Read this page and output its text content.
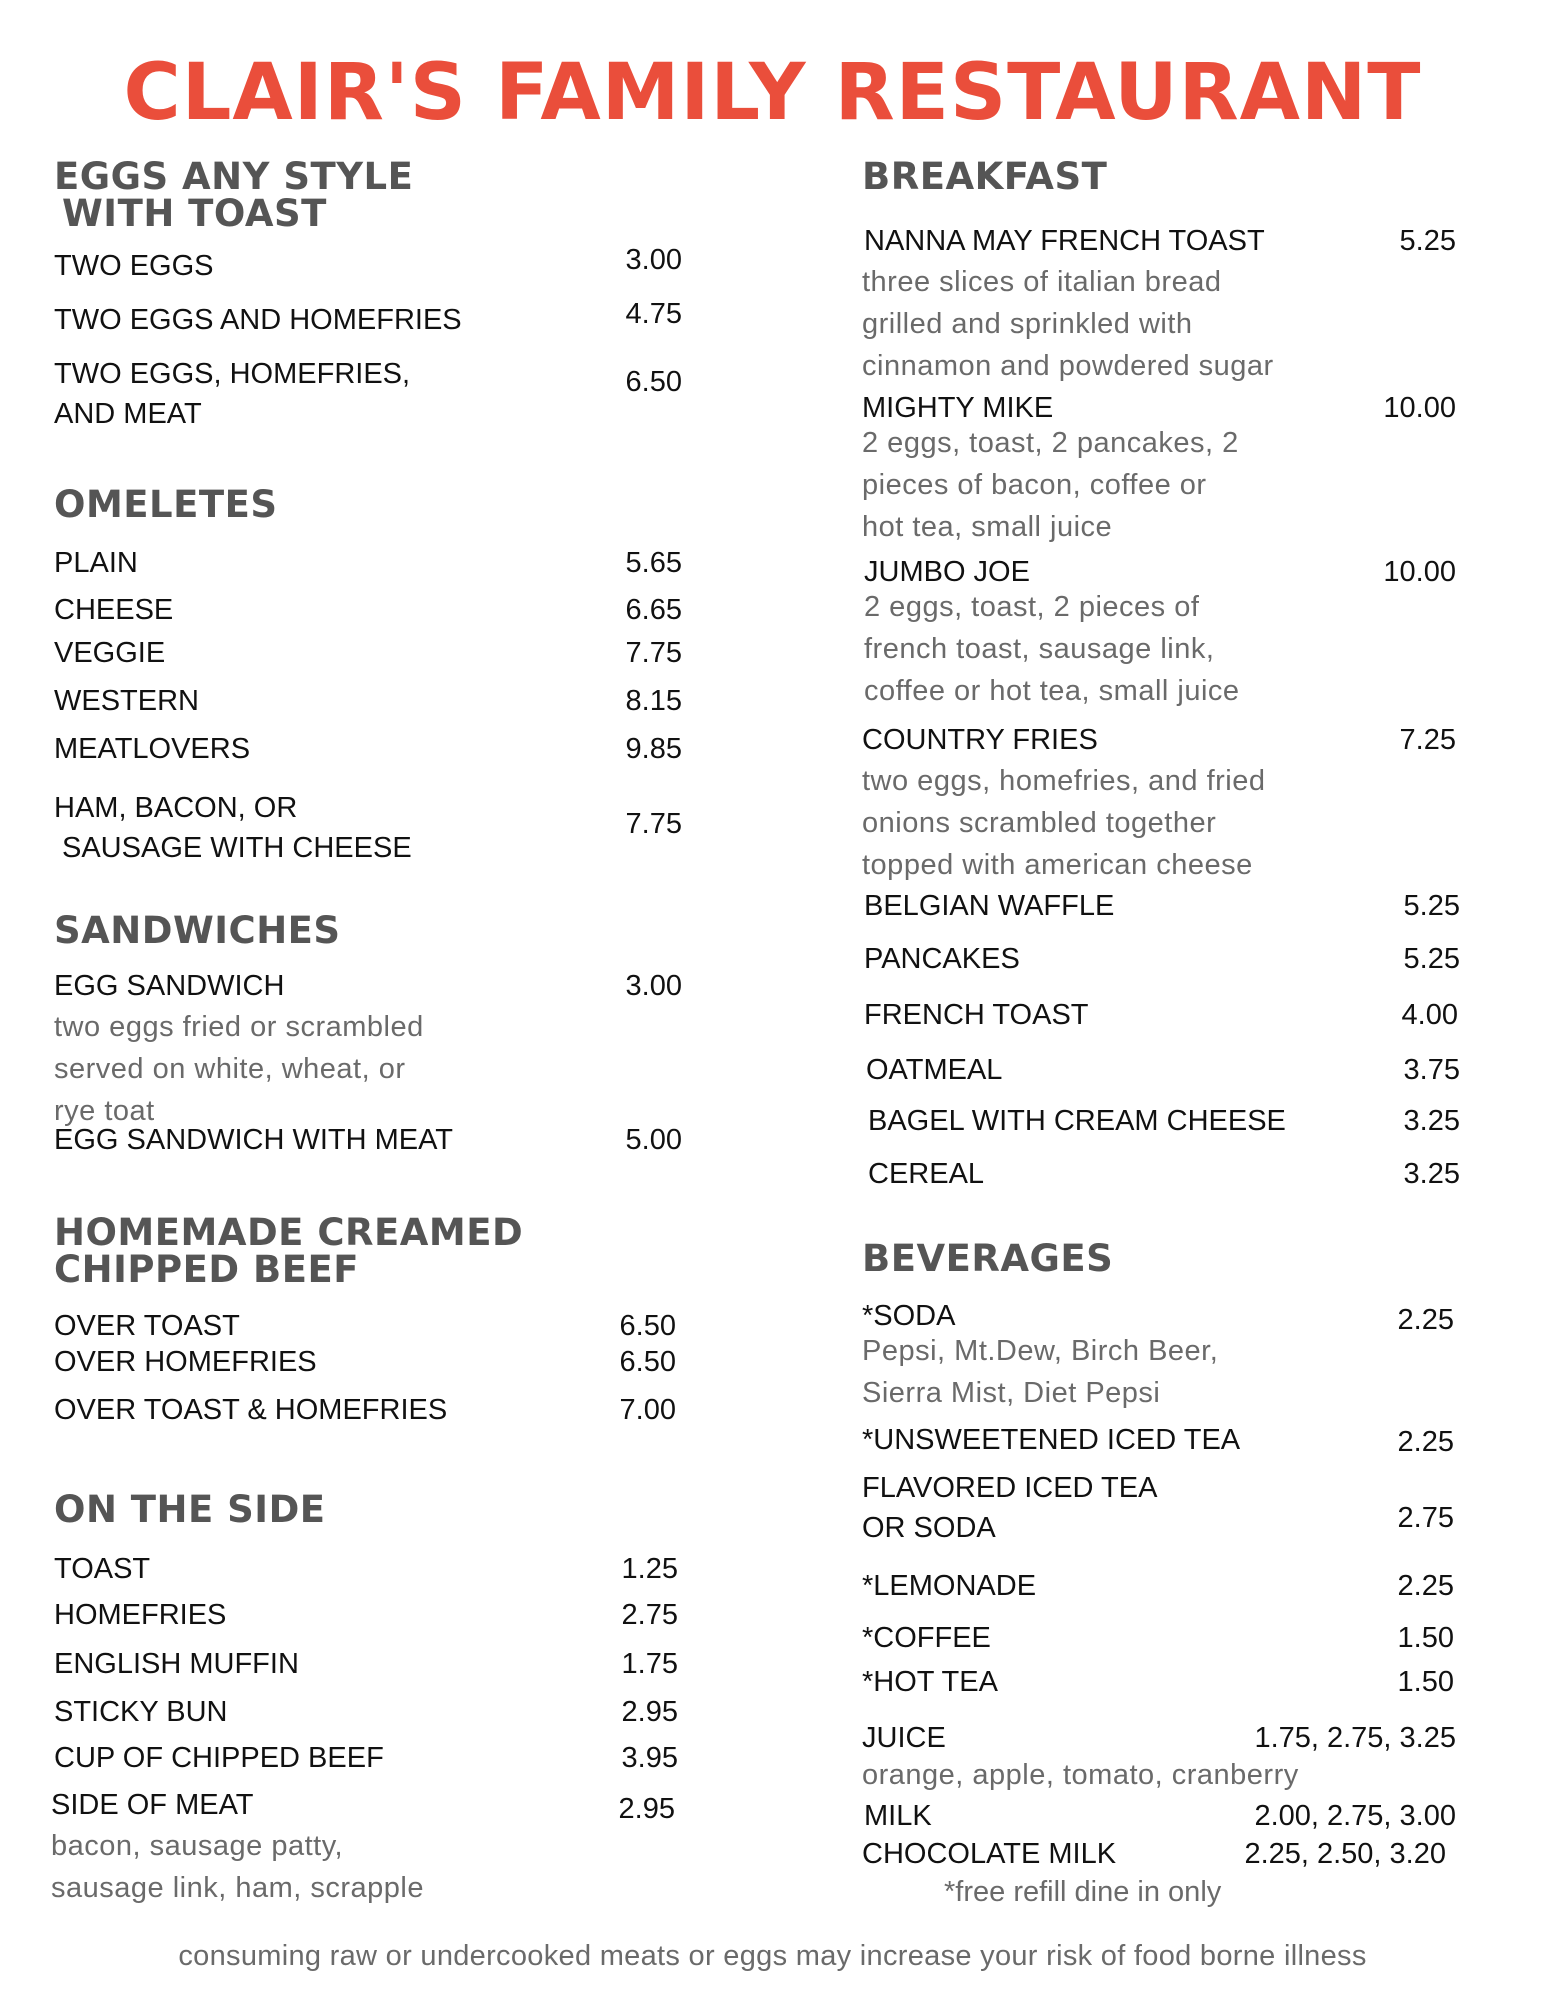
CLAIR'S FAMILY RESTAURANT
EGGS ANY STYLE
WITH TOAST
TWO EGGS	3.00
TWO EGGS AND HOMEFRIES	4.75
TWO EGGS, HOMEFRIES,
AND MEAT
6.50
OMELETES
PLAIN	5.65
CHEESE	6.65
VEGGIE	7.75
WESTERN	8.15
MEATLOVERS	9.85
HAM, BACON, OR
SAUSAGE WITH CHEESE
7.75
SANDWICHES
EGG SANDWICH	3.00
two eggs fried or scrambled
served on white, wheat, or
rye toat
EGG SANDWICH WITH MEAT	5.00
HOMEMADE CREAMED
CHIPPED BEEF
OVER TOAST	6.50
OVER HOMEFRIES	6.50
OVER TOAST & HOMEFRIES	7.00
ON THE SIDE
TOAST	1.25
HOMEFRIES	2.75
ENGLISH MUFFIN	1.75
STICKY BUN	2.95
CUP OF CHIPPED BEEF	3.95
SIDE OF MEAT	2.95
bacon, sausage patty,
sausage link, ham, scrapple
BREAKFAST
NANNA MAY FRENCH TOAST	5.25
three slices of italian bread
grilled and sprinkled with
cinnamon and powdered sugar
MIGHTY MIKE	10.00
2 eggs, toast, 2 pancakes, 2
pieces of bacon, coffee or
hot tea, small juice
JUMBO JOE	10.00
2 eggs, toast, 2 pieces of
french toast, sausage link,
coffee or hot tea, small juice
COUNTRY FRIES	7.25
two eggs, homefries, and fried
onions scrambled together
topped with american cheese
BELGIAN WAFFLE	5.25
PANCAKES	5.25
FRENCH TOAST	4.00
OATMEAL	3.75
BAGEL WITH CREAM CHEESE	3.25
CEREAL	3.25
BEVERAGES
*SODA	2.25
Pepsi, Mt.Dew, Birch Beer,
Sierra Mist, Diet Pepsi
*UNSWEETENED ICED TEA	2.25
FLAVORED ICED TEA
OR SODA	2.75
*LEMONADE	2.25
*COFFEE	1.50
*HOT TEA	1.50
JUICE	1.75, 2.75, 3.25
orange, apple, tomato, cranberry
MILK	2.00, 2.75, 3.00
CHOCOLATE MILK	2.25, 2.50, 3.20
*free refill dine in only
consuming raw or undercooked meats or eggs may increase your risk of food borne illness
